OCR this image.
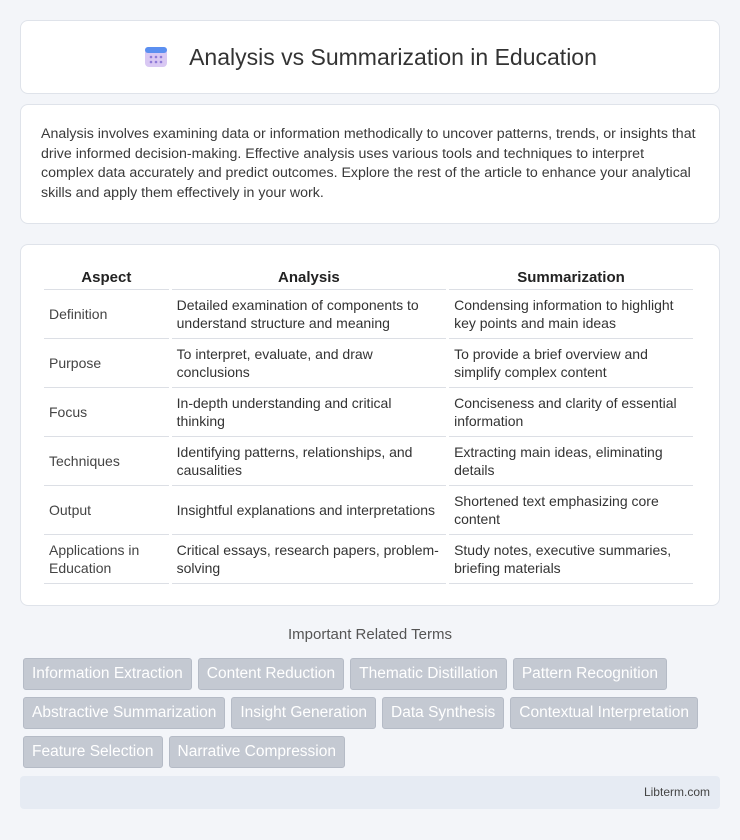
Analysis vs Summarization in Education

Analysis involves examining data or information methodically to uncover patterns, trends, or insights that drive informed decision-making. Effective analysis uses various tools and techniques to interpret complex data accurately and predict outcomes. Explore the rest of the article to enhance your analytical skills and apply them effectively in your work.

Aspect	Analysis	Summarization
Definition	Detailed examination of components to understand structure and meaning	Condensing information to highlight key points and main ideas
Purpose	To interpret, evaluate, and draw conclusions	To provide a brief overview and simplify complex content
Focus	In-depth understanding and critical thinking	Conciseness and clarity of essential information
Techniques	Identifying patterns, relationships, and causalities	Extracting main ideas, eliminating details
Output	Insightful explanations and interpretations	Shortened text emphasizing core content
Applications in Education	Critical essays, research papers, problem-solving	Study notes, executive summaries, briefing materials
Important Related Terms
Information Extraction	Content Reduction	Thematic Distillation	Pattern Recognition
Abstractive Summarization	Insight Generation	Data Synthesis	Contextual Interpretation
Feature Selection	Narrative Compression
Libterm.com
